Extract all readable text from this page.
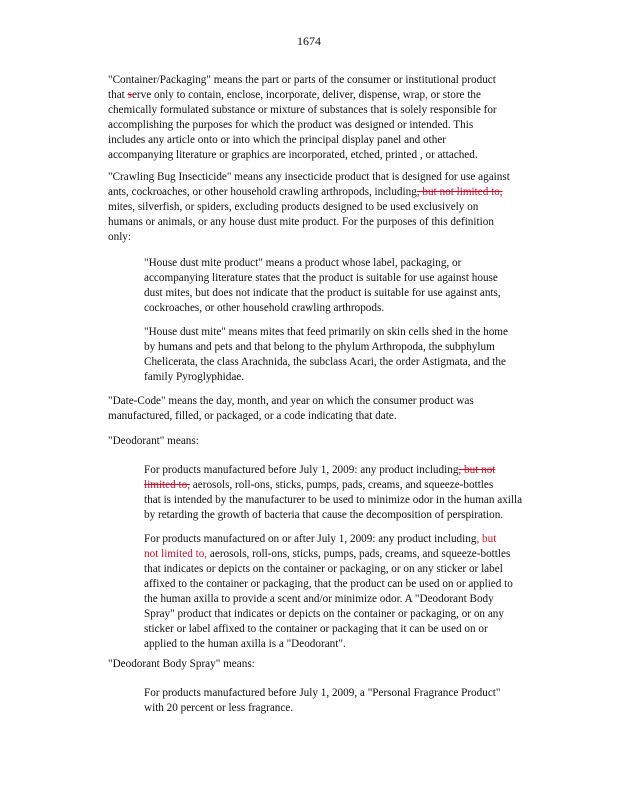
1674
"Container/Packaging" means the part or parts of the consumer or institutional product
that serve only to contain, enclose, incorporate, deliver, dispense, wrap, or store the
chemically formulated substance or mixture of substances that is solely responsible for
accomplishing the purposes for which the product was designed or intended. This
includes any article onto or into which the principal display panel and other
accompanying literature or graphics are incorporated, etched, printed , or attached.
"Crawling Bug Insecticide" means any insecticide product that is designed for use against
ants, cockroaches, or other household crawling arthropods, including, but not limited to,
mites, silverfish, or spiders, excluding products designed to be used exclusively on
humans or animals, or any house dust mite product. For the purposes of this definition
only:
"House dust mite product" means a product whose label, packaging, or
accompanying literature states that the product is suitable for use against house
dust mites, but does not indicate that the product is suitable for use against ants,
cockroaches, or other household crawling arthropods.
"House dust mite" means mites that feed primarily on skin cells shed in the home
by humans and pets and that belong to the phylum Arthropoda, the subphylum
Chelicerata, the class Arachnida, the subclass Acari, the order Astigmata, and the
family Pyroglyphidae.
"Date-Code" means the day, month, and year on which the consumer product was
manufactured, filled, or packaged, or a code indicating that date.
"Deodorant" means:
For products manufactured before July 1, 2009: any product including, but not
limited to, aerosols, roll-ons, sticks, pumps, pads, creams, and squeeze-bottles
that is intended by the manufacturer to be used to minimize odor in the human axilla
by retarding the growth of bacteria that cause the decomposition of perspiration.
For products manufactured on or after July 1, 2009: any product including, but
not limited to, aerosols, roll-ons, sticks, pumps, pads, creams, and squeeze-bottles
that indicates or depicts on the container or packaging, or on any sticker or label
affixed to the container or packaging, that the product can be used on or applied to
the human axilla to provide a scent and/or minimize odor. A "Deodorant Body
Spray" product that indicates or depicts on the container or packaging, or on any
sticker or label affixed to the container or packaging that it can be used on or
applied to the human axilla is a "Deodorant".
"Deodorant Body Spray" means:
For products manufactured before July 1, 2009, a "Personal Fragrance Product"
with 20 percent or less fragrance.
